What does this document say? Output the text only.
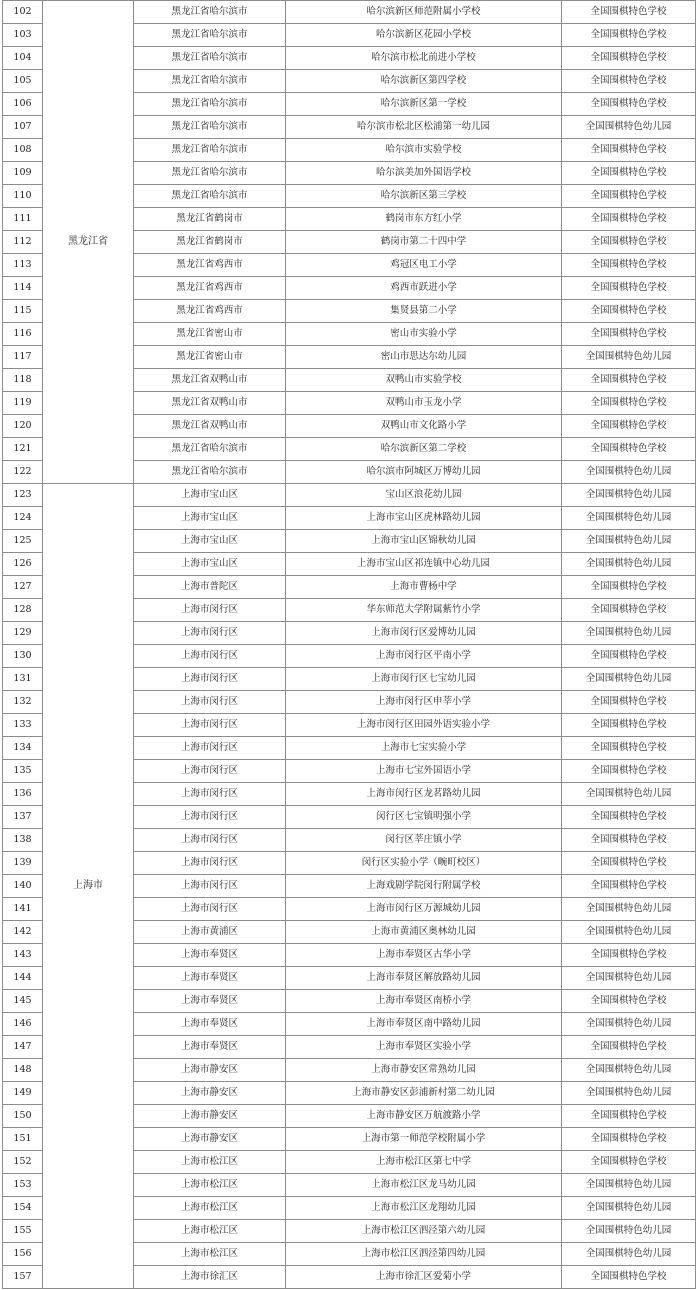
102	黑龙江省	黑龙江省哈尔滨市	哈尔滨新区师范附属小学校	全国围棋特色学校
103		黑龙江省哈尔滨市	哈尔滨新区花园小学校	全国围棋特色学校
104		黑龙江省哈尔滨市	哈尔滨市松北前进小学校	全国围棋特色学校
105		黑龙江省哈尔滨市	哈尔滨新区第四学校	全国围棋特色学校
106		黑龙江省哈尔滨市	哈尔滨新区第一学校	全国围棋特色学校
107		黑龙江省哈尔滨市	哈尔滨市松北区松浦第一幼儿园	全国围棋特色幼儿园
108		黑龙江省哈尔滨市	哈尔滨市实验学校	全国围棋特色学校
109		黑龙江省哈尔滨市	哈尔滨美加外国语学校	全国围棋特色学校
110		黑龙江省哈尔滨市	哈尔滨新区第三学校	全国围棋特色学校
111		黑龙江省鹤岗市	鹤岗市东方红小学	全国围棋特色学校
112		黑龙江省鹤岗市	鹤岗市第二十四中学	全国围棋特色学校
113		黑龙江省鸡西市	鸡冠区电工小学	全国围棋特色学校
114		黑龙江省鸡西市	鸡西市跃进小学	全国围棋特色学校
115		黑龙江省鸡西市	集贤县第二小学	全国围棋特色学校
116		黑龙江省密山市	密山市实验小学	全国围棋特色学校
117		黑龙江省密山市	密山市思达尔幼儿园	全国围棋特色幼儿园
118		黑龙江省双鸭山市	双鸭山市实验学校	全国围棋特色学校
119		黑龙江省双鸭山市	双鸭山市玉龙小学	全国围棋特色学校
120		黑龙江省双鸭山市	双鸭山市文化路小学	全国围棋特色学校
121		黑龙江省哈尔滨市	哈尔滨新区第二学校	全国围棋特色学校
122		黑龙江省哈尔滨市	哈尔滨市阿城区万博幼儿园	全国围棋特色幼儿园
123	上海市	上海市宝山区	宝山区浪花幼儿园	全国围棋特色幼儿园
124		上海市宝山区	上海市宝山区虎林路幼儿园	全国围棋特色幼儿园
125		上海市宝山区	上海市宝山区锦秋幼儿园	全国围棋特色幼儿园
126		上海市宝山区	上海市宝山区祁连镇中心幼儿园	全国围棋特色幼儿园
127		上海市普陀区	上海市曹杨中学	全国围棋特色学校
128		上海市闵行区	华东师范大学附属紫竹小学	全国围棋特色学校
129		上海市闵行区	上海市闵行区爱博幼儿园	全国围棋特色幼儿园
130		上海市闵行区	上海市闵行区平南小学	全国围棋特色学校
131		上海市闵行区	上海市闵行区七宝幼儿园	全国围棋特色幼儿园
132		上海市闵行区	上海市闵行区申莘小学	全国围棋特色学校
133		上海市闵行区	上海市闵行区田园外语实验小学	全国围棋特色学校
134		上海市闵行区	上海市七宝实验小学	全国围棋特色学校
135		上海市闵行区	上海市七宝外国语小学	全国围棋特色学校
136		上海市闵行区	上海市闵行区龙茗路幼儿园	全国围棋特色幼儿园
137		上海市闵行区	闵行区七宝镇明强小学	全国围棋特色学校
138		上海市闵行区	闵行区莘庄镇小学	全国围棋特色学校
139		上海市闵行区	闵行区实验小学（畹町校区）	全国围棋特色学校
140		上海市闵行区	上海戏剧学院闵行附属学校	全国围棋特色学校
141		上海市闵行区	上海市闵行区万源城幼儿园	全国围棋特色幼儿园
142		上海市黄浦区	上海市黄浦区奥林幼儿园	全国围棋特色幼儿园
143		上海市奉贤区	上海市奉贤区古华小学	全国围棋特色学校
144		上海市奉贤区	上海市奉贤区解放路幼儿园	全国围棋特色幼儿园
145		上海市奉贤区	上海市奉贤区南桥小学	全国围棋特色学校
146		上海市奉贤区	上海市奉贤区南中路幼儿园	全国围棋特色幼儿园
147		上海市奉贤区	上海市奉贤区实验小学	全国围棋特色学校
148		上海市静安区	上海市静安区常熟幼儿园	全国围棋特色幼儿园
149		上海市静安区	上海市静安区彭浦新村第二幼儿园	全国围棋特色幼儿园
150		上海市静安区	上海市静安区万航渡路小学	全国围棋特色学校
151		上海市静安区	上海市第一师范学校附属小学	全国围棋特色学校
152		上海市松江区	上海市松江区第七中学	全国围棋特色学校
153		上海市松江区	上海市松江区龙马幼儿园	全国围棋特色幼儿园
154		上海市松江区	上海市松江区龙翔幼儿园	全国围棋特色幼儿园
155		上海市松江区	上海市松江区泗泾第六幼儿园	全国围棋特色幼儿园
156		上海市松江区	上海市松江区泗泾第四幼儿园	全国围棋特色幼儿园
157		上海市徐汇区	上海市徐汇区爱菊小学	全国围棋特色学校
